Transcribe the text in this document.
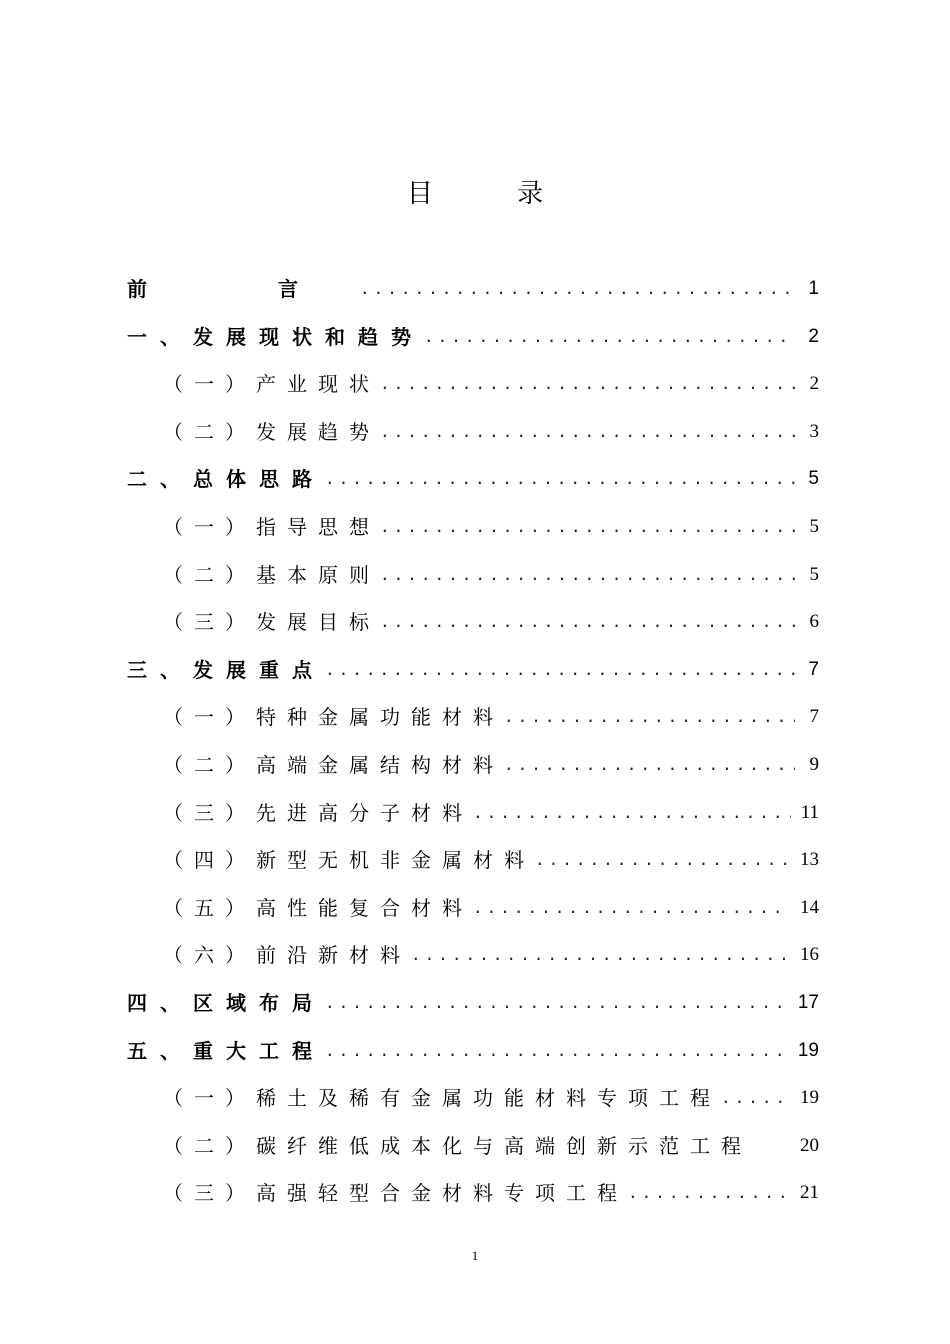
目 录
前 言 .....	1
一、发展现状和趋势 .....	2
（一）产业现状 .....	2
（二）发展趋势 .....	3
二、总体思路 .....	5
（一）指导思想 .....	5
（二）基本原则 .....	5
（三）发展目标 .....	6
三、发展重点 .....	7
（一）特种金属功能材料 .....	7
（二）高端金属结构材料 .....	9
（三）先进高分子材料 .....	11
（四）新型无机非金属材料 .....	13
（五）高性能复合材料 .....	14
（六）前沿新材料 .....	16
四、区域布局 .....	17
五、重大工程 .....	19
（一）稀土及稀有金属功能材料专项工程 .....	19
（二）碳纤维低成本化与高端创新示范工程	20
（三）高强轻型合金材料专项工程 .....	21
1
